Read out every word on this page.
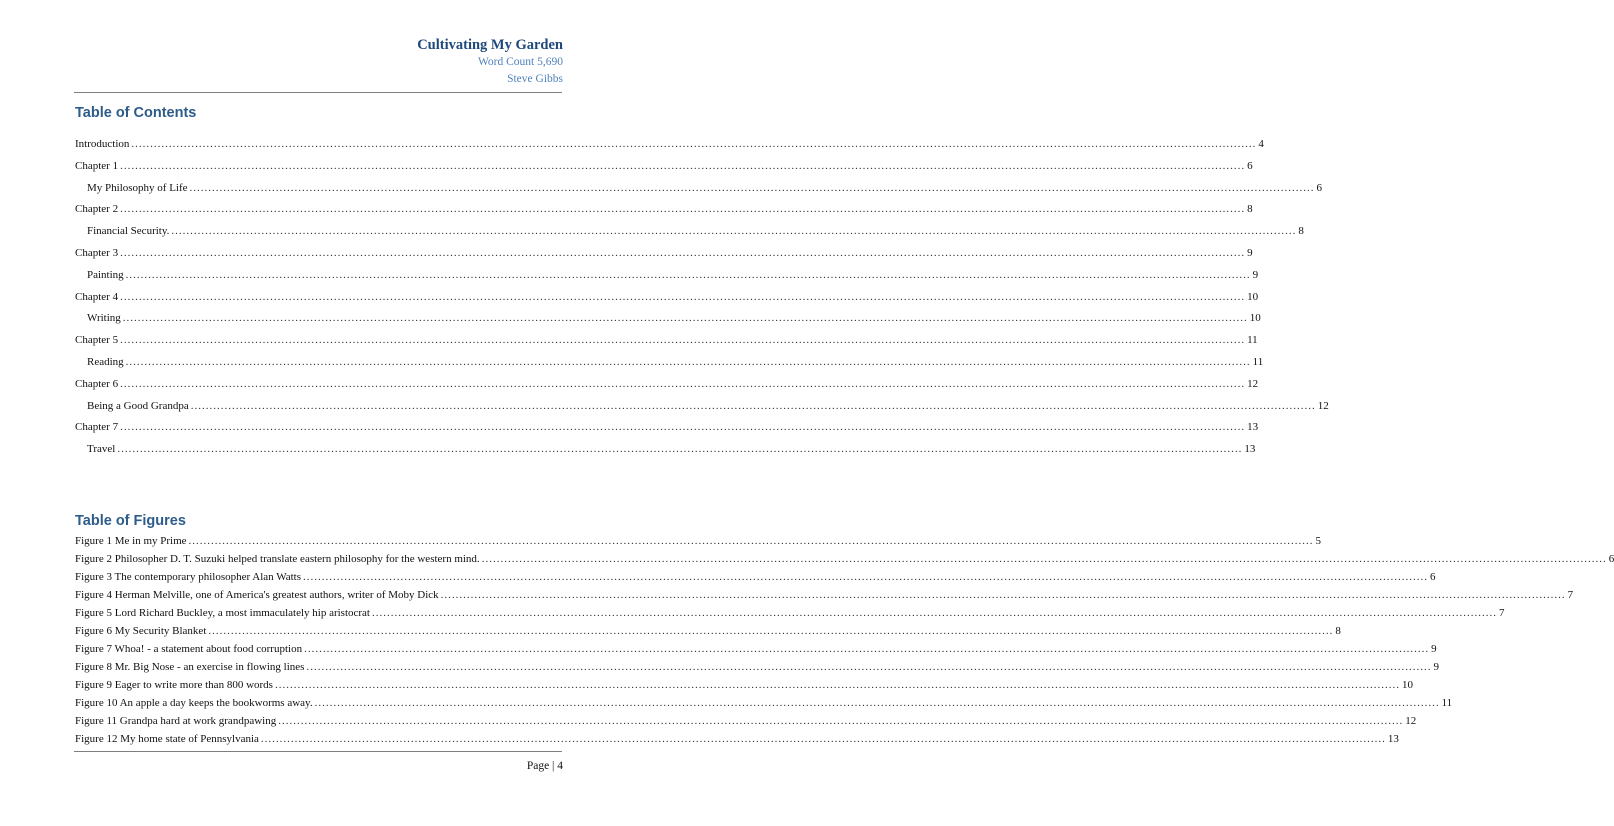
Cultivating My Garden
Word Count 5,690
Steve Gibbs
Table of Contents
Introduction ............................................................................................................................................................................................................................................................................................................ 4
Chapter 1 ............................................................................................................................................................................................................................................................................................................ 6
My Philosophy of Life ............................................................................................................................................................................................................................................................................................................ 6
Chapter 2 ............................................................................................................................................................................................................................................................................................................ 8
Financial Security. ............................................................................................................................................................................................................................................................................................................ 8
Chapter 3 ............................................................................................................................................................................................................................................................................................................ 9
Painting ............................................................................................................................................................................................................................................................................................................ 9
Chapter 4 ............................................................................................................................................................................................................................................................................................................ 10
Writing ............................................................................................................................................................................................................................................................................................................ 10
Chapter 5 ............................................................................................................................................................................................................................................................................................................ 11
Reading ............................................................................................................................................................................................................................................................................................................ 11
Chapter 6 ............................................................................................................................................................................................................................................................................................................ 12
Being a Good Grandpa ............................................................................................................................................................................................................................................................................................................ 12
Chapter 7 ............................................................................................................................................................................................................................................................................................................ 13
Travel ............................................................................................................................................................................................................................................................................................................ 13
Table of Figures
Figure 1 Me in my Prime ............................................................................................................................................................................................................................................................................................................ 5
Figure 2 Philosopher D. T. Suzuki helped translate eastern philosophy for the western mind. ............................................................................................................................................................................................................................................................................................................ 6
Figure 3 The contemporary philosopher Alan Watts ............................................................................................................................................................................................................................................................................................................ 6
Figure 4 Herman Melville, one of America's greatest authors, writer of Moby Dick ............................................................................................................................................................................................................................................................................................................ 7
Figure 5 Lord Richard Buckley, a most immaculately hip aristocrat ............................................................................................................................................................................................................................................................................................................ 7
Figure 6 My Security Blanket ............................................................................................................................................................................................................................................................................................................ 8
Figure 7 Whoa! - a statement about food corruption ............................................................................................................................................................................................................................................................................................................ 9
Figure 8 Mr. Big Nose - an exercise in flowing lines ............................................................................................................................................................................................................................................................................................................ 9
Figure 9 Eager to write more than 800 words ............................................................................................................................................................................................................................................................................................................ 10
Figure 10 An apple a day keeps the bookworms away. ............................................................................................................................................................................................................................................................................................................ 11
Figure 11 Grandpa hard at work grandpawing ............................................................................................................................................................................................................................................................................................................ 12
Figure 12 My home state of Pennsylvania ............................................................................................................................................................................................................................................................................................................ 13
Page | 4
